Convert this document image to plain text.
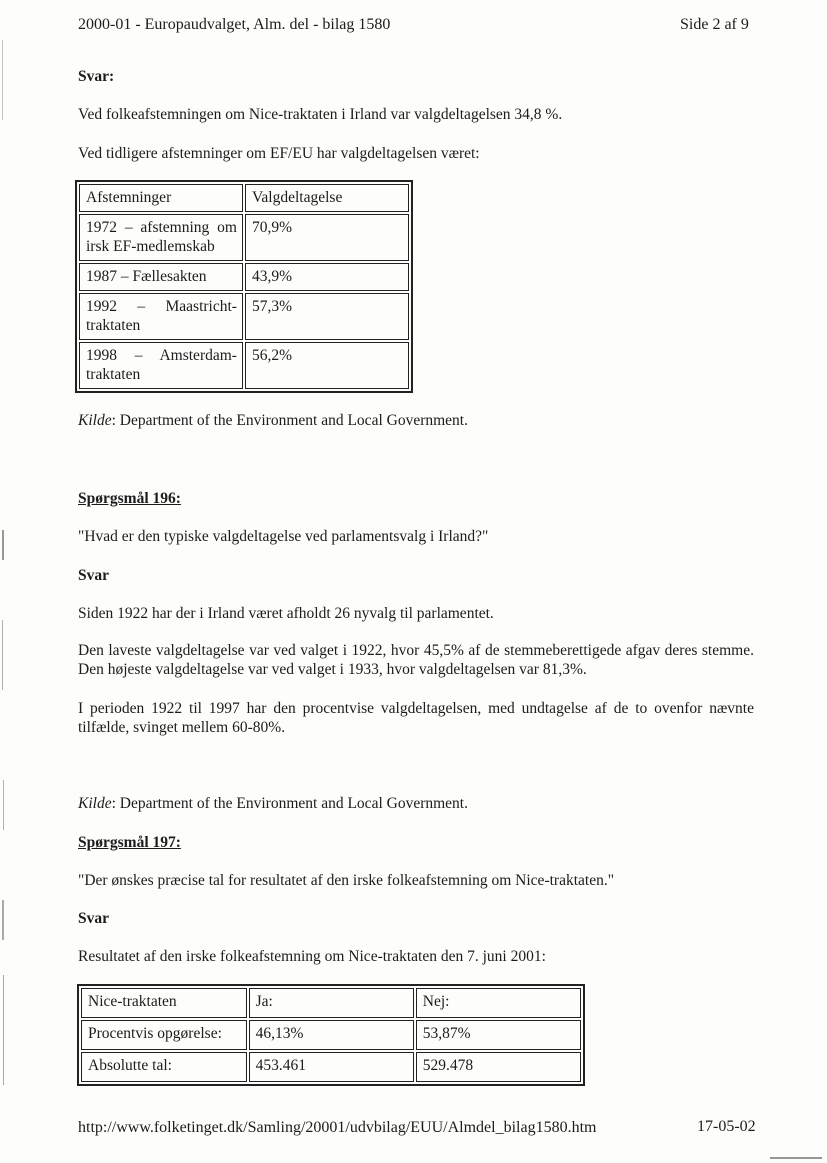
2000-01 - Europaudvalget, Alm. del - bilag 1580	Side 2 af 9
Svar:
Ved folkeafstemningen om Nice-traktaten i Irland var valgdeltagelsen 34,8 %.
Ved tidligere afstemninger om EF/EU har valgdeltagelsen været:
Afstemninger	Valgdeltagelse

1972 – afstemning om
irsk EF-medlemskab	70,9%

1987 – Fællesakten	43,9%

1992 – Maastricht-
traktaten	57,3%

1998 – Amsterdam-
traktaten	56,2%
Kilde: Department of the Environment and Local Government.
Spørgsmål 196:
"Hvad er den typiske valgdeltagelse ved parlamentsvalg i Irland?"
Svar
Siden 1922 har der i Irland været afholdt 26 nyvalg til parlamentet.
Den laveste valgdeltagelse var ved valget i 1922, hvor 45,5% af de stemmeberettigede afgav deres stemme. Den højeste valgdeltagelse var ved valget i 1933, hvor valgdeltagelsen var 81,3%.
I perioden 1922 til 1997 har den procentvise valgdeltagelsen, med undtagelse af de to ovenfor nævnte tilfælde, svinget mellem 60-80%.
Kilde: Department of the Environment and Local Government.
Spørgsmål 197:
"Der ønskes præcise tal for resultatet af den irske folkeafstemning om Nice-traktaten."
Svar
Resultatet af den irske folkeafstemning om Nice-traktaten den 7. juni 2001:
Nice-traktaten	Ja:	Nej:
Procentvis opgørelse:	46,13%	53,87%
Absolutte tal:	453.461	529.478
http://www.folketinget.dk/Samling/20001/udvbilag/EUU/Almdel_bilag1580.htm	17-05-02
